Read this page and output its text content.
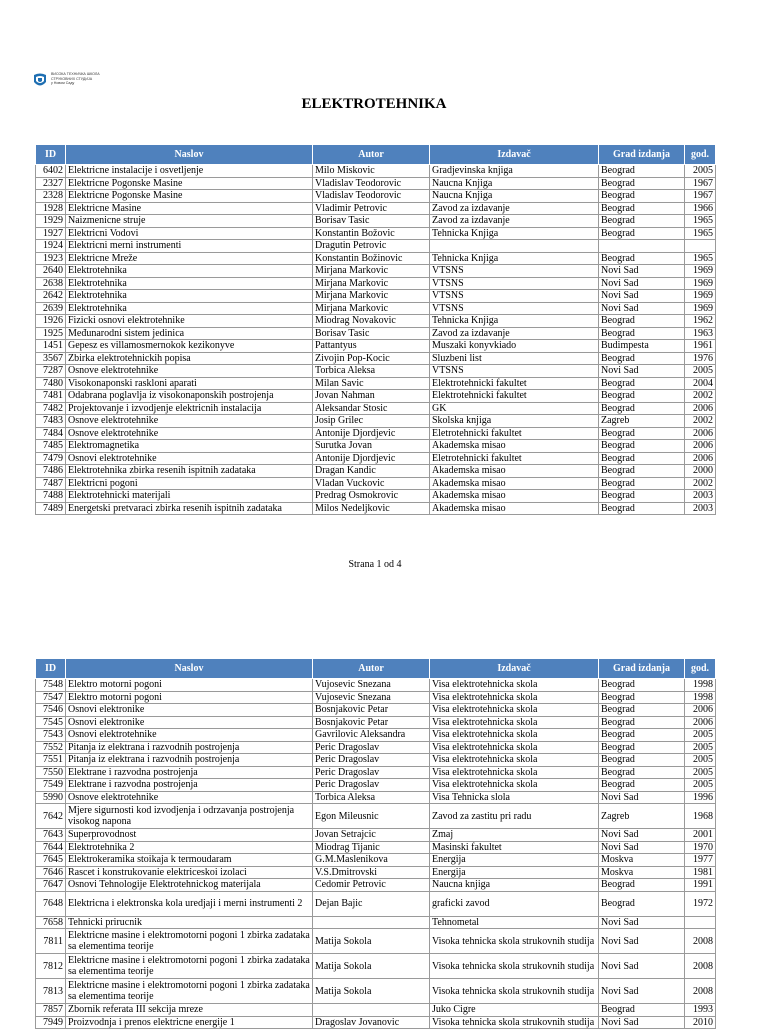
ВИСОКА ТЕХНИЧКА ШКОЛА
СТРУКОВНИХ СТУДИЈА
у Новом Саду
ELEKTROTEHNIKA
ID	Naslov	Autor	Izdavač	Grad izdanja	god.
6402	Elektricne instalacije i osvetljenje	Milo Miskovic	Gradjevinska knjiga	Beograd	2005
2327	Elektricne Pogonske Masine	Vladislav Teodorovic	Naucna Knjiga	Beograd	1967
2328	Elektricne Pogonske Masine	Vladislav Teodorovic	Naucna Knjiga	Beograd	1967
1928	Elektricne Masine	Vladimir Petrovic	Zavod za izdavanje	Beograd	1966
1929	Naizmenicne struje	Borisav Tasic	Zavod za izdavanje	Beograd	1965
1927	Elektricni Vodovi	Konstantin Božovic	Tehnicka Knjiga	Beograd	1965
1924	Elektricni merni instrumenti	Dragutin Petrovic			
1923	Elektricne Mreže	Konstantin Božinovic	Tehnicka Knjiga	Beograd	1965
2640	Elektrotehnika	Mirjana Markovic	VTSNS	Novi Sad	1969
2638	Elektrotehnika	Mirjana Markovic	VTSNS	Novi Sad	1969
2642	Elektrotehnika	Mirjana Markovic	VTSNS	Novi Sad	1969
2639	Elektrotehnika	Mirjana Markovic	VTSNS	Novi Sad	1969
1926	Fizicki osnovi elektrotehnike	Miodrag Novakovic	Tehnicka Knjiga	Beograd	1962
1925	Međunarodni sistem jedinica	Borisav Tasic	Zavod za izdavanje	Beograd	1963
1451	Gepesz es villamosmernokok kezikonyve	Pattantyus	Muszaki konyvkiado	Budimpesta	1961
3567	Zbirka elektrotehnickih popisa	Zivojin Pop-Kocic	Sluzbeni list	Beograd	1976
7287	Osnove elektrotehnike	Torbica Aleksa	VTSNS	Novi Sad	2005
7480	Visokonaponski raskloni aparati	Milan Savic	Elektrotehnicki fakultet	Beograd	2004
7481	Odabrana poglavlja iz visokonaponskih postrojenja	Jovan Nahman	Elektrotehnicki fakultet	Beograd	2002
7482	Projektovanje i izvodjenje elektricnih instalacija	Aleksandar Stosic	GK	Beograd	2006
7483	Osnove elektrotehnike	Josip Grilec	Skolska knjiga	Zagreb	2002
7484	Osnove elektrotehnike	Antonije Djordjevic	Eletrotehnicki fakultet	Beograd	2006
7485	Elektromagnetika	Surutka Jovan	Akademska misao	Beograd	2006
7479	Osnovi elektrotehnike	Antonije Djordjevic	Eletrotehnicki fakultet	Beograd	2006
7486	Elektrotehnika zbirka resenih ispitnih zadataka	Dragan Kandic	Akademska misao	Beograd	2000
7487	Elektricni pogoni	Vladan Vuckovic	Akademska misao	Beograd	2002
7488	Elektrotehnicki materijali	Predrag Osmokrovic	Akademska misao	Beograd	2003
7489	Energetski pretvaraci zbirka resenih ispitnih zadataka	Milos Nedeljkovic	Akademska misao	Beograd	2003
Strana 1 od 4
ID	Naslov	Autor	Izdavač	Grad izdanja	god.
7548	Elektro motorni pogoni	Vujosevic Snezana	Visa elektrotehnicka skola	Beograd	1998
7547	Elektro motorni pogoni	Vujosevic Snezana	Visa elektrotehnicka skola	Beograd	1998
7546	Osnovi elektronike	Bosnjakovic Petar	Visa elektrotehnicka skola	Beograd	2006
7545	Osnovi elektronike	Bosnjakovic Petar	Visa elektrotehnicka skola	Beograd	2006
7543	Osnovi elektrotehnike	Gavrilovic Aleksandra	Visa elektrotehnicka skola	Beograd	2005
7552	Pitanja iz elektrana i razvodnih postrojenja	Peric Dragoslav	Visa elektrotehnicka skola	Beograd	2005
7551	Pitanja iz elektrana i razvodnih postrojenja	Peric Dragoslav	Visa elektrotehnicka skola	Beograd	2005
7550	Elektrane i razvodna postrojenja	Peric Dragoslav	Visa elektrotehnicka skola	Beograd	2005
7549	Elektrane i razvodna postrojenja	Peric Dragoslav	Visa elektrotehnicka skola	Beograd	2005
5990	Osnove elektrotehnike	Torbica Aleksa	Visa Tehnicka slola	Novi Sad	1996
7642	Mjere sigurnosti kod izvodjenja i odrzavanja postrojenja visokog napona	Egon Mileusnic	Zavod za zastitu pri radu	Zagreb	1968
7643	Superprovodnost	Jovan Setrajcic	Zmaj	Novi Sad	2001
7644	Elektrotehnika 2	Miodrag Tijanic	Masinski fakultet	Novi Sad	1970
7645	Elektrokeramika stoikaja k termoudaram	G.M.Maslenikova	Energija	Moskva	1977
7646	Rascet i konstrukovanie elektriceskoi izolaci	V.S.Dmitrovski	Energija	Moskva	1981
7647	Osnovi Tehnologije Elektrotehnickog materijala	Cedomir Petrovic	Naucna knjiga	Beograd	1991
7648	Elektricna i elektronska kola uredjaji i merni instrumenti 2	Dejan Bajic	graficki zavod	Beograd	1972
7658	Tehnicki prirucnik		Tehnometal	Novi Sad	
7811	Elektricne masine i elektromotorni pogoni 1 zbirka zadataka sa elementima teorije	Matija Sokola	Visoka tehnicka skola strukovnih studija	Novi Sad	2008
7812	Elektricne masine i elektromotorni pogoni 1 zbirka zadataka sa elementima teorije	Matija Sokola	Visoka tehnicka skola strukovnih studija	Novi Sad	2008
7813	Elektricne masine i elektromotorni pogoni 1 zbirka zadataka sa elementima teorije	Matija Sokola	Visoka tehnicka skola strukovnih studija	Novi Sad	2008
7857	Zbornik referata III sekcija mreze		Juko Cigre	Beograd	1993
7949	Proizvodnja i prenos elektricne energije 1	Dragoslav Jovanovic	Visoka tehnicka skola strukovnih studija	Novi Sad	2010
